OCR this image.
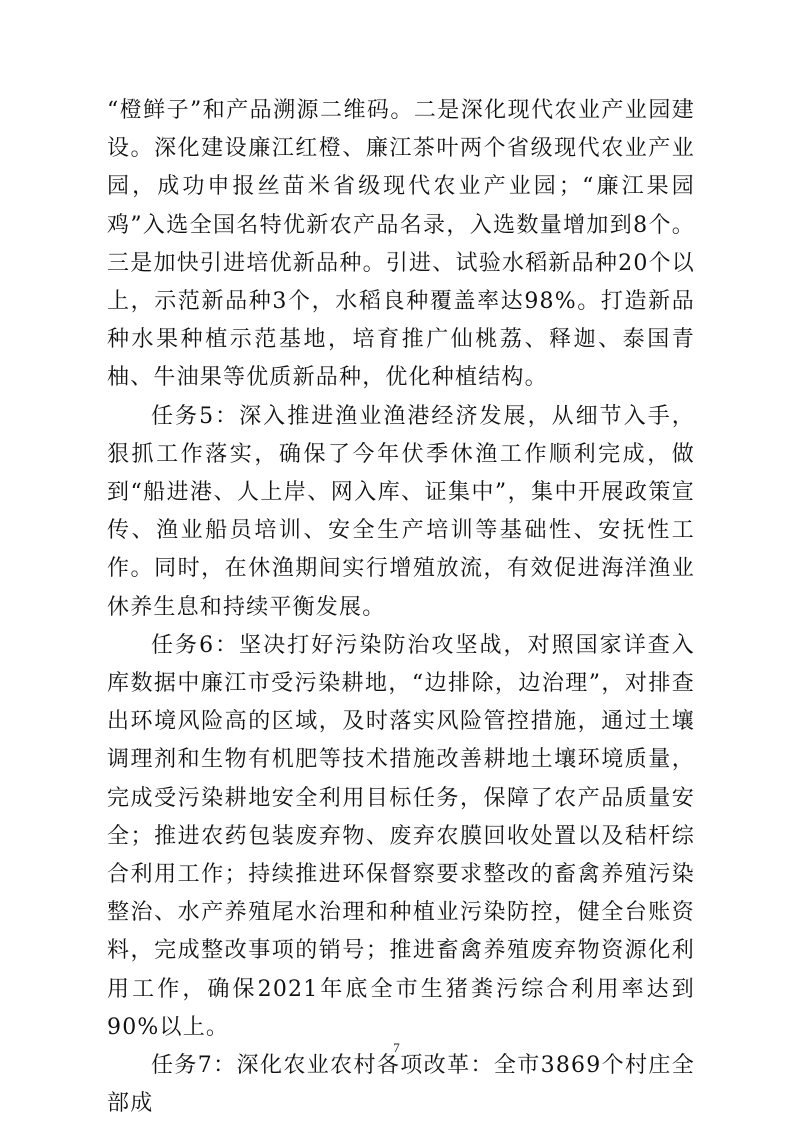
“橙鲜子”和产品溯源二维码。二是深化现代农业产业园建设。深化建设廉江红橙、廉江茶叶两个省级现代农业产业园，成功申报丝苗米省级现代农业产业园；“廉江果园鸡”入选全国名特优新农产品名录，入选数量增加到8个。三是加快引进培优新品种。引进、试验水稻新品种20个以上，示范新品种3个，水稻良种覆盖率达98%。打造新品种水果种植示范基地，培育推广仙桃荔、释迦、泰国青柚、牛油果等优质新品种，优化种植结构。

任务5：深入推进渔业渔港经济发展，从细节入手，狠抓工作落实，确保了今年伏季休渔工作顺利完成，做到“船进港、人上岸、网入库、证集中”，集中开展政策宣传、渔业船员培训、安全生产培训等基础性、安抚性工作。同时，在休渔期间实行增殖放流，有效促进海洋渔业休养生息和持续平衡发展。

任务6：坚决打好污染防治攻坚战，对照国家详查入库数据中廉江市受污染耕地，“边排除，边治理”，对排查出环境风险高的区域，及时落实风险管控措施，通过土壤调理剂和生物有机肥等技术措施改善耕地土壤环境质量，完成受污染耕地安全利用目标任务，保障了农产品质量安全；推进农药包装废弃物、废弃农膜回收处置以及秸杆综合利用工作；持续推进环保督察要求整改的畜禽养殖污染整治、水产养殖尾水治理和种植业污染防控，健全台账资料，完成整改事项的销号；推进畜禽养殖废弃物资源化利用工作，确保2021年底全市生猪粪污综合利用率达到90%以上。

任务7：深化农业农村各项改革：全市3869个村庄全部成

7
